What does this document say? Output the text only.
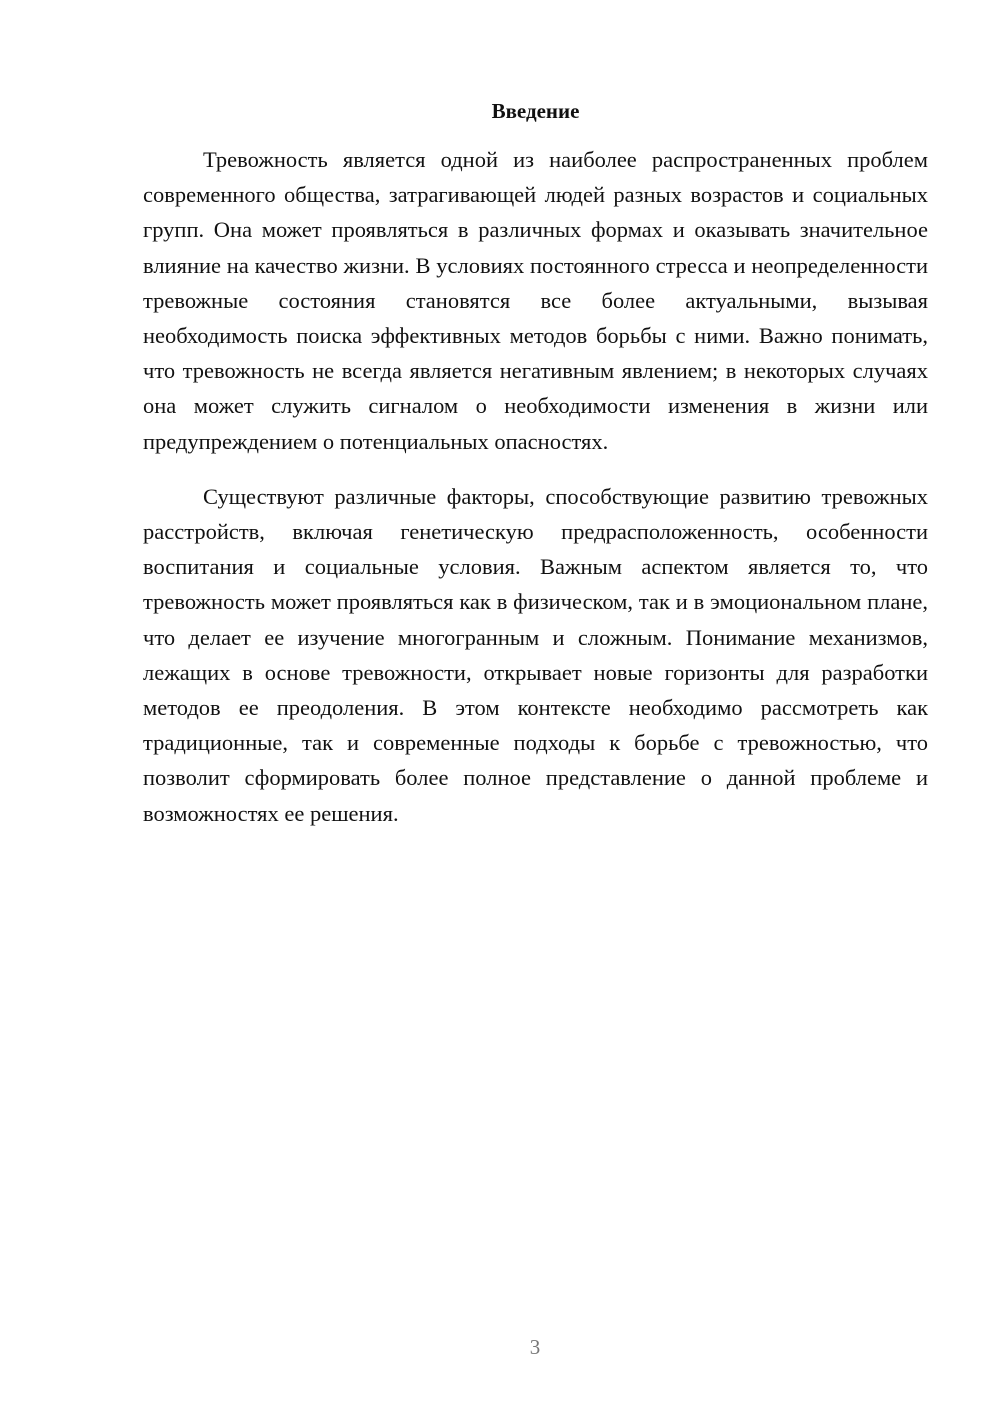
Введение

Тревожность является одной из наиболее распространенных проблем современного общества, затрагивающей людей разных возрастов и социальных групп. Она может проявляться в различных формах и оказывать значительное влияние на качество жизни. В условиях постоянного стресса и неопределенности тревожные состояния становятся все более актуальными, вызывая необходимость поиска эффективных методов борьбы с ними. Важно понимать, что тревожность не всегда является негативным явлением; в некоторых случаях она может служить сигналом о необходимости изменения в жизни или предупреждением о потенциальных опасностях.

Существуют различные факторы, способствующие развитию тревожных расстройств, включая генетическую предрасположенность, особенности воспитания и социальные условия. Важным аспектом является то, что тревожность может проявляться как в физическом, так и в эмоциональном плане, что делает ее изучение многогранным и сложным. Понимание механизмов, лежащих в основе тревожности, открывает новые горизонты для разработки методов ее преодоления. В этом контексте необходимо рассмотреть как традиционные, так и современные подходы к борьбе с тревожностью, что позволит сформировать более полное представление о данной проблеме и возможностях ее решения.

3
